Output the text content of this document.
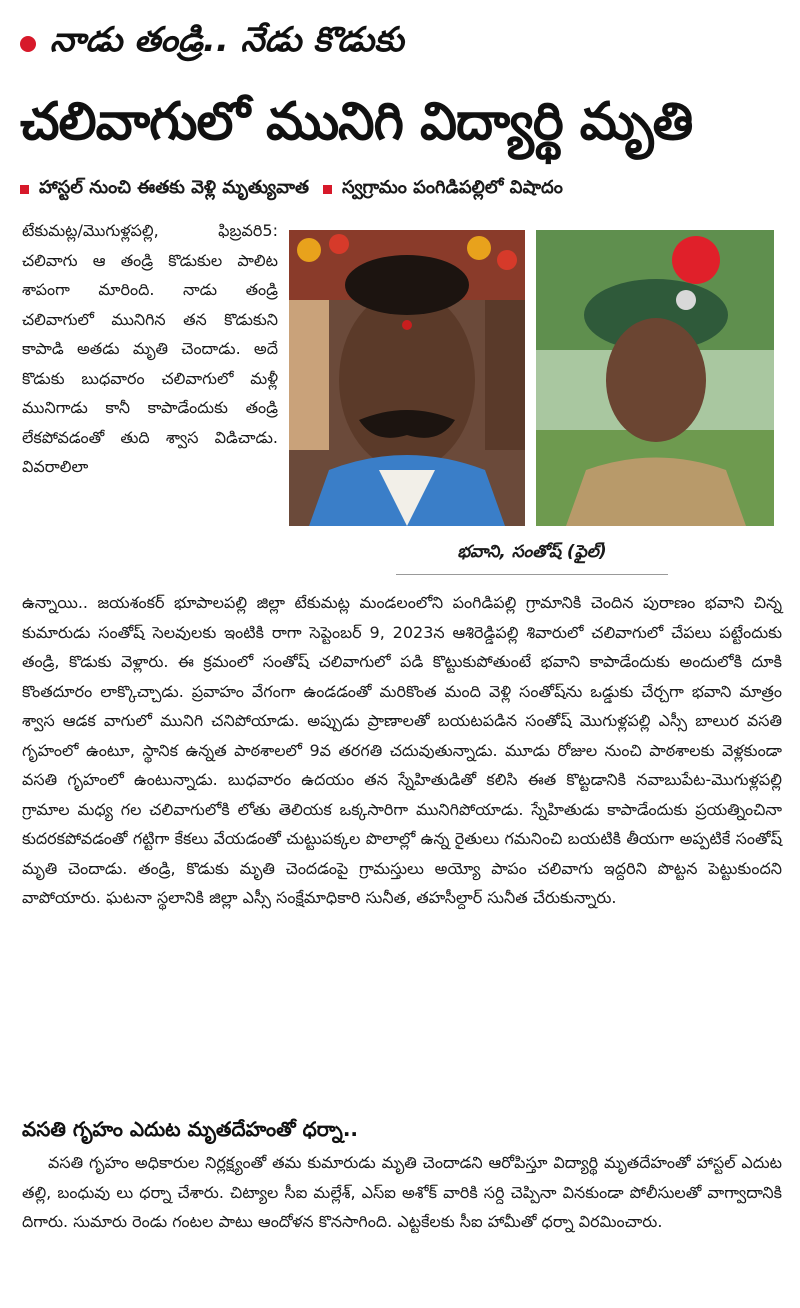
నాడు తండ్రి.. నేడు కొడుకు
చలివాగులో మునిగి విద్యార్థి మృతి
హాస్టల్ నుంచి ఈతకు వెళ్లి మృత్యువాత స్వగ్రామం పంగిడిపల్లిలో విషాదం

టేకుమట్ల/మొగుళ్లపల్లి, ఫిబ్రవరి5: చలివాగు ఆ తండ్రి కొడుకుల పాలిట శాపంగా మారింది. నాడు తండ్రి చలివాగులో మునిగిన తన కొడుకుని కాపాడి అతడు మృతి చెందాడు. అదే కొడుకు బుధవారం చలివాగులో మళ్లీ మునిగాడు కానీ కాపాడేందుకు తండ్రి లేకపోవడంతో తుది శ్వాస విడిచాడు. వివరాలిలా

భవాని, సంతోష్ (ఫైల్)

ఉన్నాయి.. జయశంకర్ భూపాలపల్లి జిల్లా టేకుమట్ల మండలంలోని పంగిడిపల్లి గ్రామానికి చెందిన పురాణం భవాని చిన్న కుమారుడు సంతోష్ సెలవులకు ఇంటికి రాగా సెప్టెంబర్ 9, 2023న ఆశిరెడ్డిపల్లి శివారులో చలివాగులో చేపలు పట్టేందుకు తండ్రి, కొడుకు వెళ్లారు. ఈ క్రమంలో సంతోష్ చలివాగులో పడి కొట్టుకుపోతుంటే భవాని కాపాడేందుకు అందులోకి దూకి కొంతదూరం లాక్కొచ్చాడు. ప్రవాహం వేగంగా ఉండడంతో మరికొంత మంది వెళ్లి సంతోష్‌ను ఒడ్డుకు చేర్చగా భవాని మాత్రం శ్వాస ఆడక వాగులో మునిగి చనిపోయాడు. అప్పుడు ప్రాణాలతో బయటపడిన సంతోష్ మొగుళ్లపల్లి ఎస్సీ బాలుర వసతి గృహంలో ఉంటూ, స్థానిక ఉన్నత పాఠశాలలో 9వ తరగతి చదువుతున్నాడు. మూడు రోజుల నుంచి పాఠశాలకు వెళ్లకుండా వసతి గృహంలో ఉంటున్నాడు. బుధవారం ఉదయం తన స్నేహితుడితో కలిసి ఈత కొట్టడానికి నవాబుపేట-మొగుళ్లపల్లి గ్రామాల మధ్య గల చలివాగులోకి లోతు తెలియక ఒక్కసారిగా మునిగిపోయాడు. స్నేహితుడు కాపాడేందుకు ప్రయత్నించినా కుదరకపోవడంతో గట్టిగా కేకలు వేయడంతో చుట్టుపక్కల పొలాల్లో ఉన్న రైతులు గమనించి బయటికి తీయగా అప్పటికే సంతోష్ మృతి చెందాడు. తండ్రి, కొడుకు మృతి చెందడంపై గ్రామస్తులు అయ్యో పాపం చలివాగు ఇద్దరిని పొట్టన పెట్టుకుందని వాపోయారు. ఘటనా స్థలానికి జిల్లా ఎస్సీ సంక్షేమాధికారి సునీత, తహసీల్దార్ సునీత చేరుకున్నారు.

వసతి గృహం ఎదుట మృతదేహంతో ధర్నా..

వసతి గృహం అధికారుల నిర్లక్ష్యంతో తమ కుమారుడు మృతి చెందాడని ఆరోపిస్తూ విద్యార్థి మృతదేహంతో హాస్టల్ ఎదుట తల్లి, బంధువు లు ధర్నా చేశారు. చిట్యాల సీఐ మల్లేశ్, ఎస్ఐ అశోక్ వారికి సర్ది చెప్పినా వినకుండా పోలీసులతో వాగ్వాదానికి దిగారు. సుమారు రెండు గంటల పాటు ఆందోళన కొనసాగింది. ఎట్టకేలకు సీఐ హామీతో ధర్నా విరమించారు.
